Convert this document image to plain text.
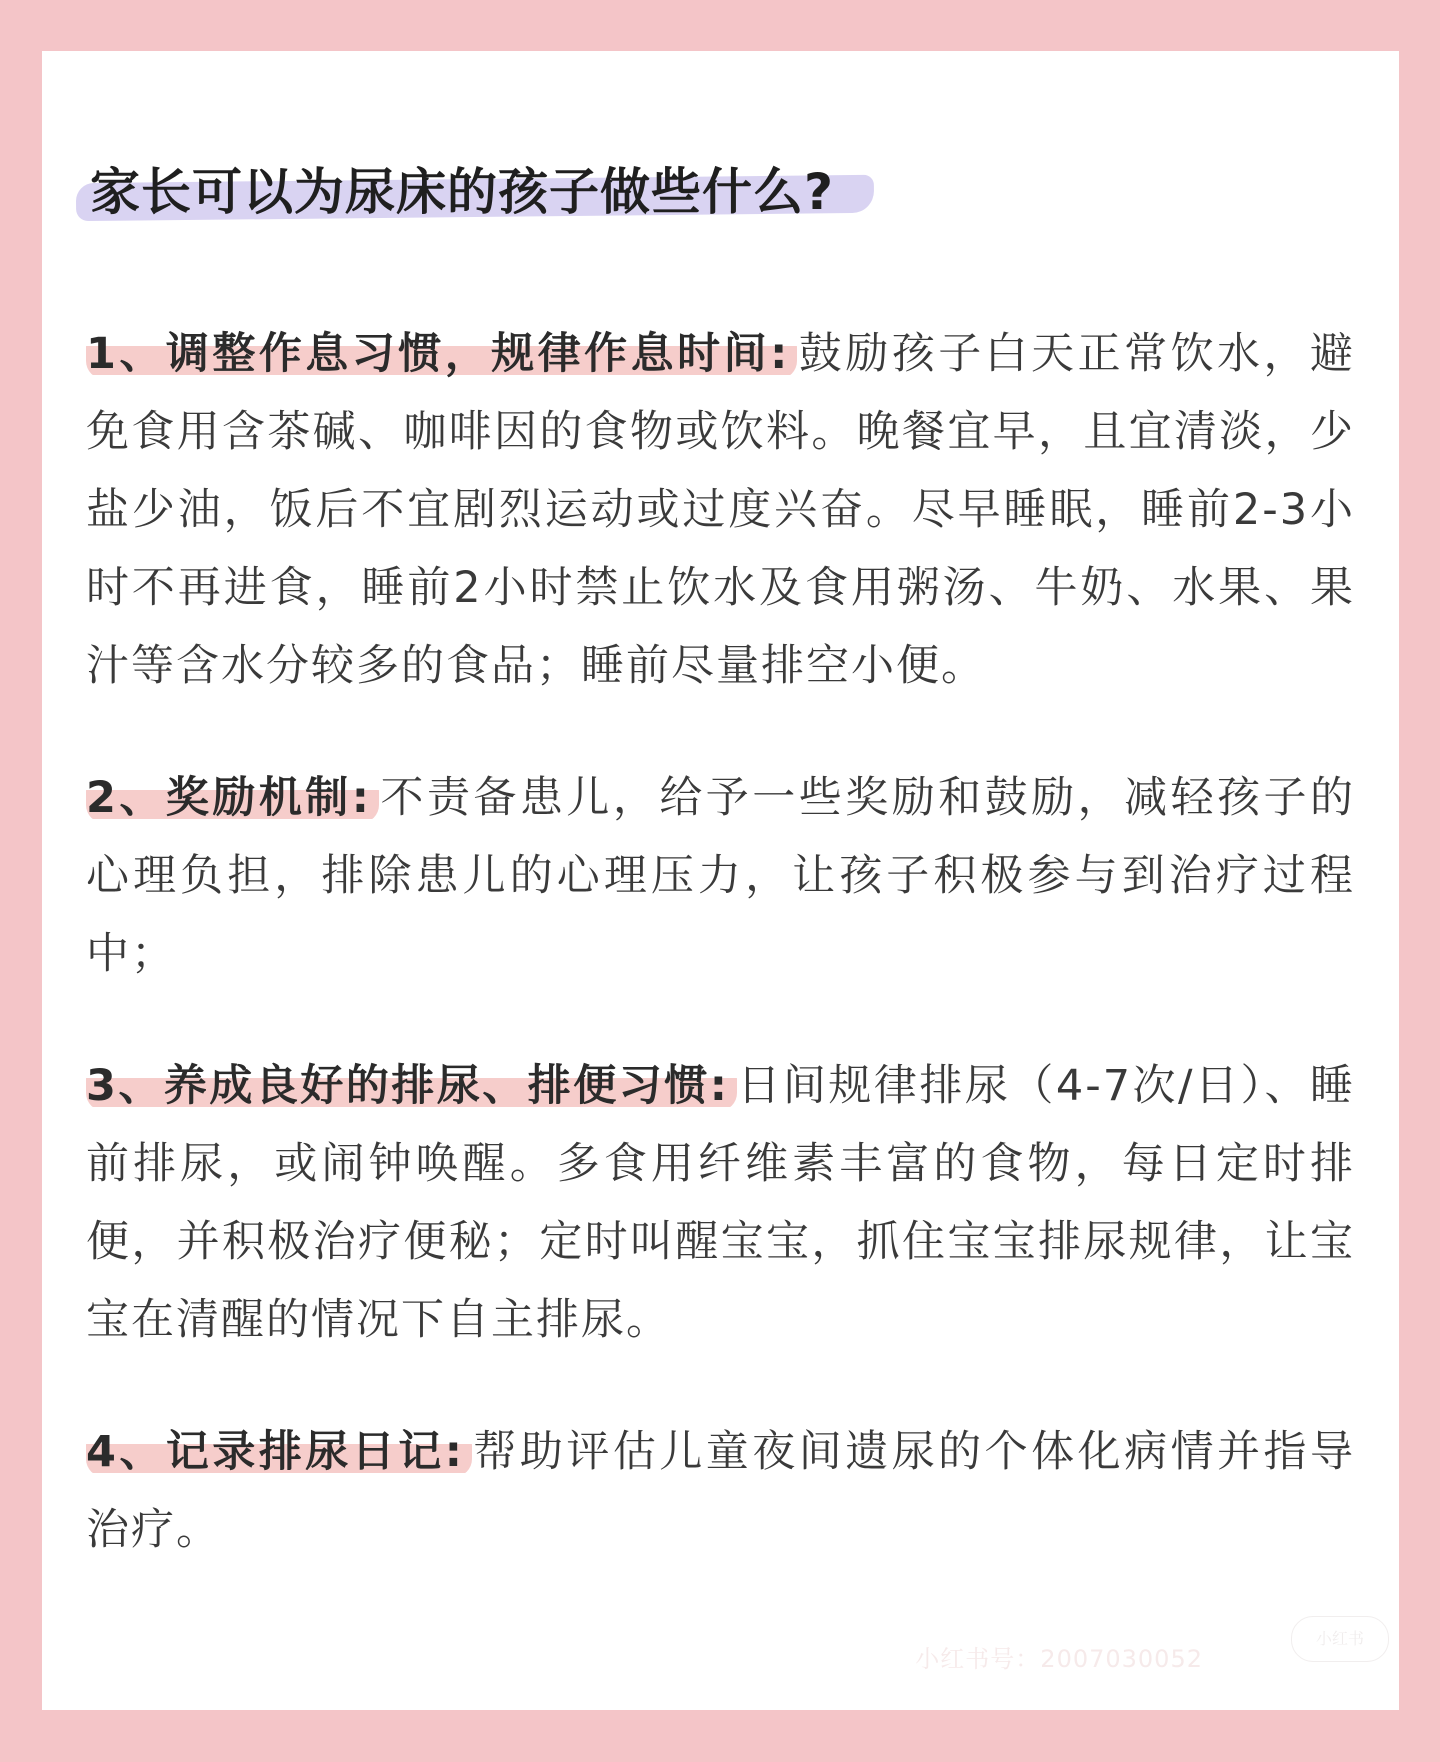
家长可以为尿床的孩子做些什么?

1、调整作息习惯，规律作息时间: 鼓励孩子白天正常饮水，避免食用含茶碱、咖啡因的食物或饮料。晚餐宜早，且宜清淡，少盐少油，饭后不宜剧烈运动或过度兴奋。尽早睡眠，睡前2-3小时不再进食，睡前2小时禁止饮水及食用粥汤、牛奶、水果、果汁等含水分较多的食品；睡前尽量排空小便。

2、奖励机制: 不责备患儿，给予一些奖励和鼓励，减轻孩子的心理负担，排除患儿的心理压力，让孩子积极参与到治疗过程中；

3、养成良好的排尿、排便习惯: 日间规律排尿（4-7次/日）、睡前排尿，或闹钟唤醒。多食用纤维素丰富的食物，每日定时排便，并积极治疗便秘；定时叫醒宝宝，抓住宝宝排尿规律，让宝宝在清醒的情况下自主排尿。

4、记录排尿日记: 帮助评估儿童夜间遗尿的个体化病情并指导治疗。

小红书
小红书号：2007030052
